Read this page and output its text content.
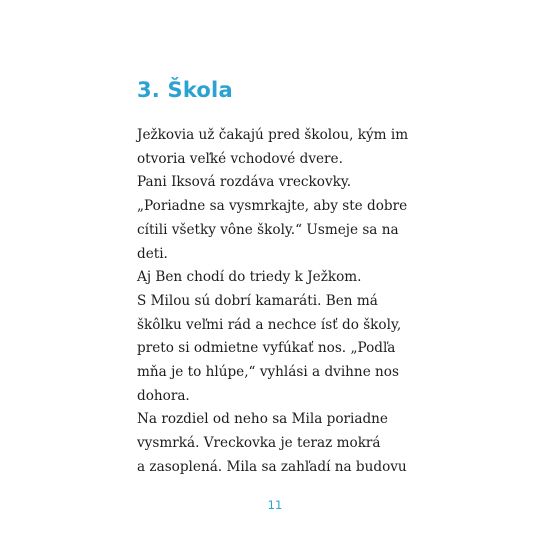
3. Škola
Ježkovia už čakajú pred školou, kým im
otvoria veľké vchodové dvere.
Pani Iksová rozdáva vreckovky.
„Poriadne sa vysmrkajte, aby ste dobre
cítili všetky vône školy.“ Usmeje sa na
deti.
Aj Ben chodí do triedy k Ježkom.
S Milou sú dobrí kamaráti. Ben má
škôlku veľmi rád a nechce ísť do školy,
preto si odmietne vyfúkať nos. „Podľa
mňa je to hlúpe,“ vyhlási a dvihne nos
dohora.
Na rozdiel od neho sa Mila poriadne
vysmrká. Vreckovka je teraz mokrá
a zasoplená. Mila sa zahľadí na budovu
11
